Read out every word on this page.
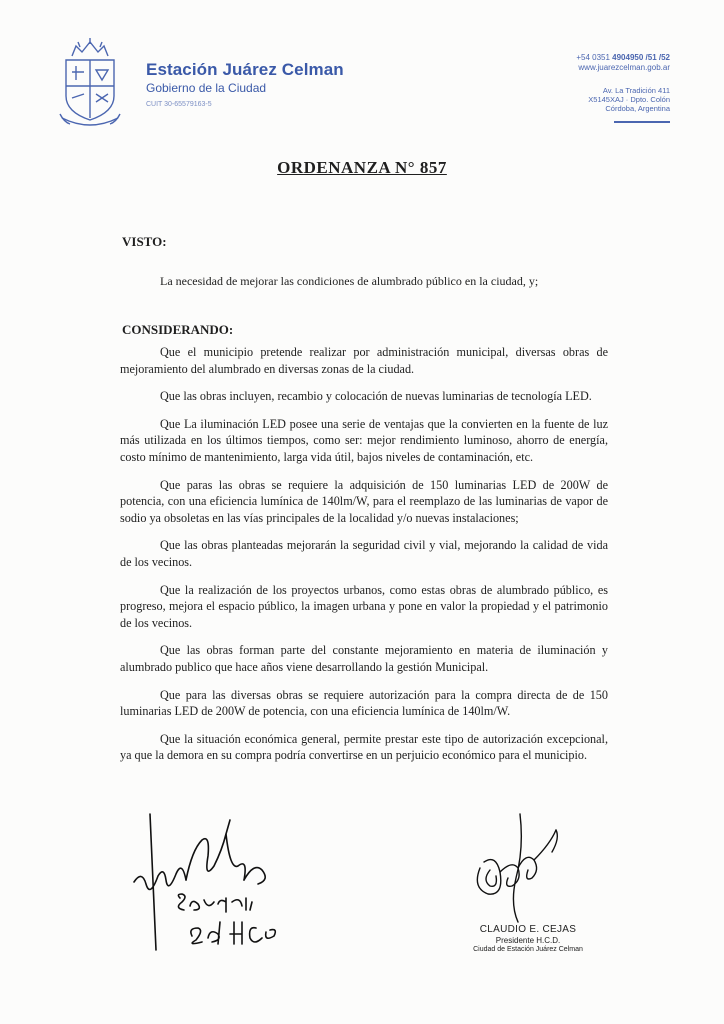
Estación Juárez Celman
Gobierno de la Ciudad
CUIT 30-65579163-5
+54 0351 4904950 /51 /52
www.juarezcelman.gob.ar
Av. La Tradición 411
X5145XAJ · Dpto. Colón
Córdoba, Argentina
ORDENANZA N° 857
VISTO:
La necesidad de mejorar las condiciones de alumbrado público en la ciudad, y;
CONSIDERANDO:

Que el municipio pretende realizar por administración municipal, diversas obras de mejoramiento del alumbrado en diversas zonas de la ciudad.

Que las obras incluyen, recambio y colocación de nuevas luminarias de tecnología LED.

Que La iluminación LED posee una serie de ventajas que la convierten en la fuente de luz más utilizada en los últimos tiempos, como ser: mejor rendimiento luminoso, ahorro de energía, costo mínimo de mantenimiento, larga vida útil, bajos niveles de contaminación, etc.

Que paras las obras se requiere la adquisición de 150 luminarias LED de 200W de potencia, con una eficiencia lumínica de 140lm/W, para el reemplazo de las luminarias de vapor de sodio ya obsoletas en las vías principales de la localidad y/o nuevas instalaciones;

Que las obras planteadas mejorarán la seguridad civil y vial, mejorando la calidad de vida de los vecinos.

Que la realización de los proyectos urbanos, como estas obras de alumbrado público, es progreso, mejora el espacio público, la imagen urbana y pone en valor la propiedad y el patrimonio de los vecinos.

Que las obras forman parte del constante mejoramiento en materia de iluminación y alumbrado publico que hace años viene desarrollando la gestión Municipal.

Que para las diversas obras se requiere autorización para la compra directa de de 150 luminarias LED de 200W de potencia, con una eficiencia lumínica de 140lm/W.

Que la situación económica general, permite prestar este tipo de autorización excepcional, ya que la demora en su compra podría convertirse en un perjuicio económico para el municipio.

CLAUDIO E. CEJAS
Presidente H.C.D.
Ciudad de Estación Juárez Celman
